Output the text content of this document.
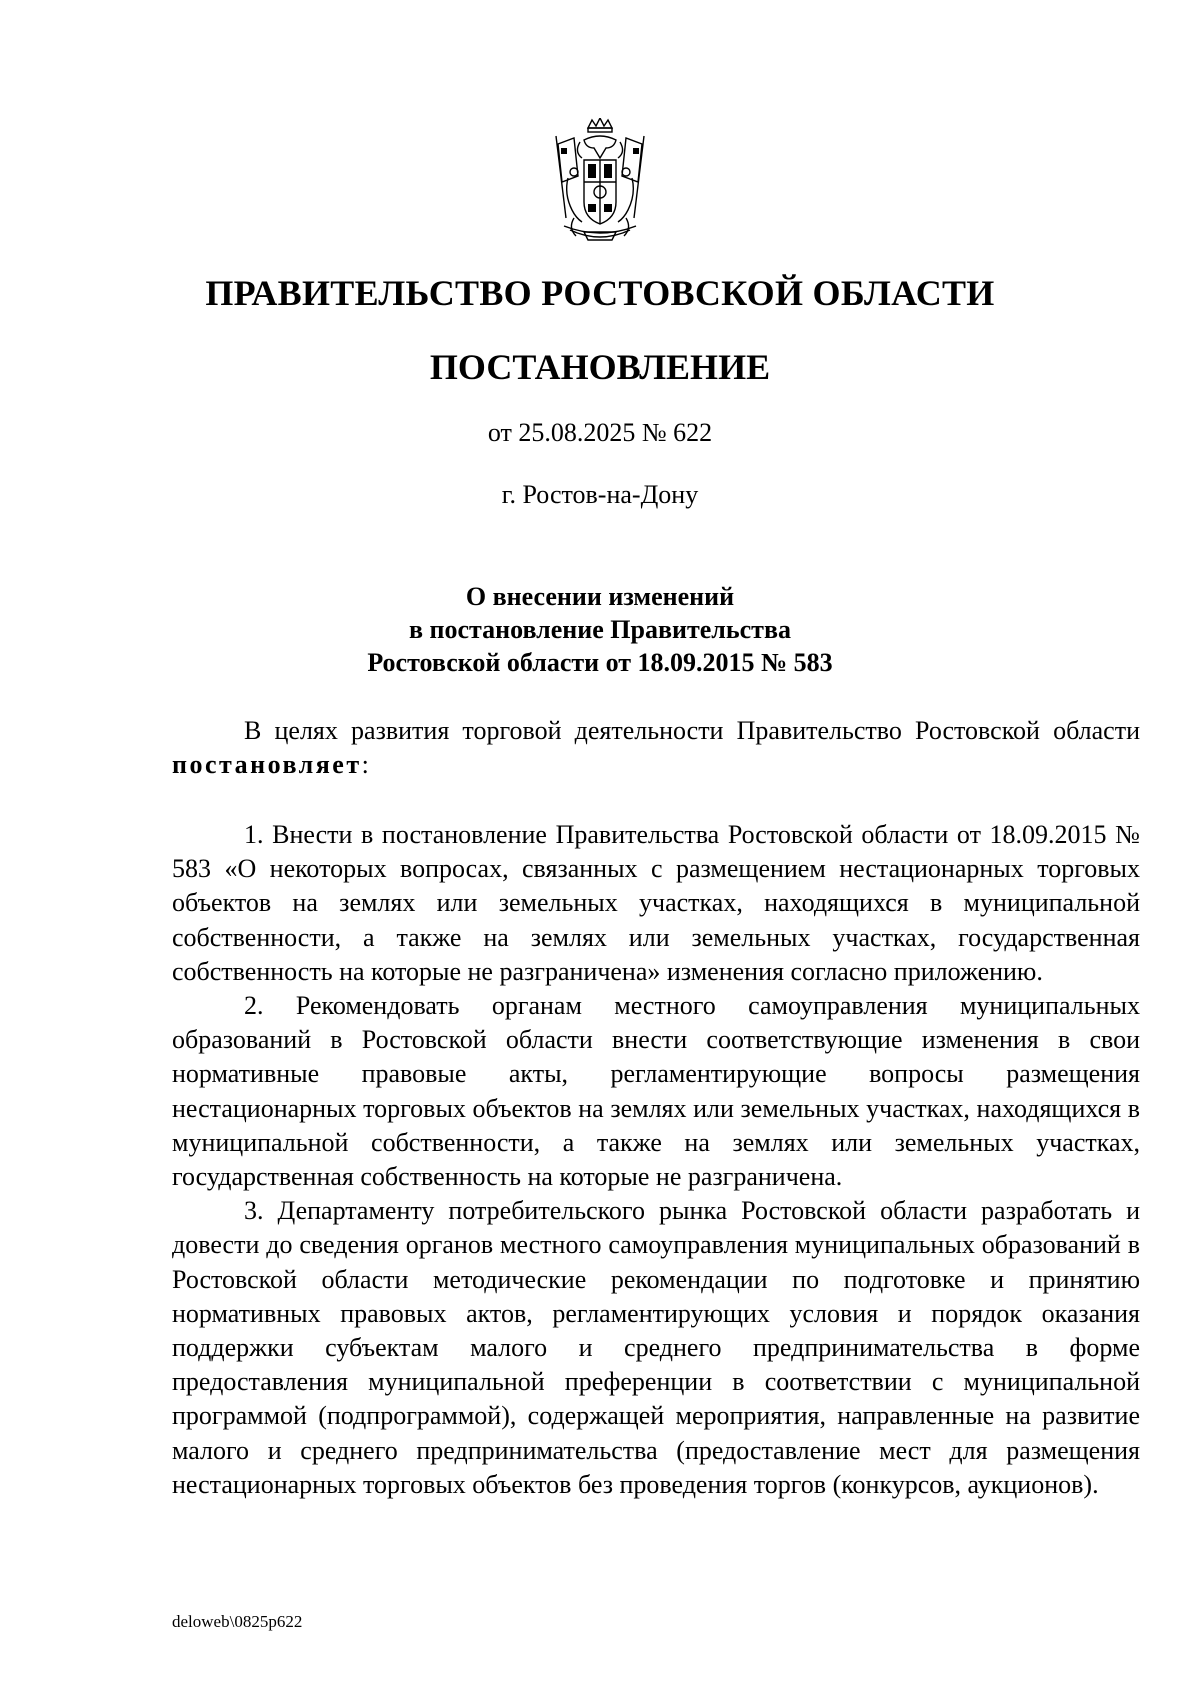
ПРАВИТЕЛЬСТВО РОСТОВСКОЙ ОБЛАСТИ
ПОСТАНОВЛЕНИЕ
от 25.08.2025 № 622
г. Ростов-на-Дону
О внесении изменений
в постановление Правительства
Ростовской области от 18.09.2015 № 583

В целях развития торговой деятельности Правительство Ростовской области постановляет:

1. Внести в постановление Правительства Ростовской области от 18.09.2015 № 583 «О некоторых вопросах, связанных с размещением нестационарных торговых объектов на землях или земельных участках, находящихся в муниципальной собственности, а также на землях или земельных участках, государственная собственность на которые не разграничена» изменения согласно приложению.

2. Рекомендовать органам местного самоуправления муниципальных образований в Ростовской области внести соответствующие изменения в свои нормативные правовые акты, регламентирующие вопросы размещения нестационарных торговых объектов на землях или земельных участках, находящихся в муниципальной собственности, а также на землях или земельных участках, государственная собственность на которые не разграничена.

3. Департаменту потребительского рынка Ростовской области разработать и довести до сведения органов местного самоуправления муниципальных образований в Ростовской области методические рекомендации по подготовке и принятию нормативных правовых актов, регламентирующих условия и порядок оказания поддержки субъектам малого и среднего предпринимательства в форме предоставления муниципальной преференции в соответствии с муниципальной программой (подпрограммой), содержащей мероприятия, направленные на развитие малого и среднего предпринимательства (предоставление мест для размещения нестационарных торговых объектов без проведения торгов (конкурсов, аукционов).

deloweb\0825p622
